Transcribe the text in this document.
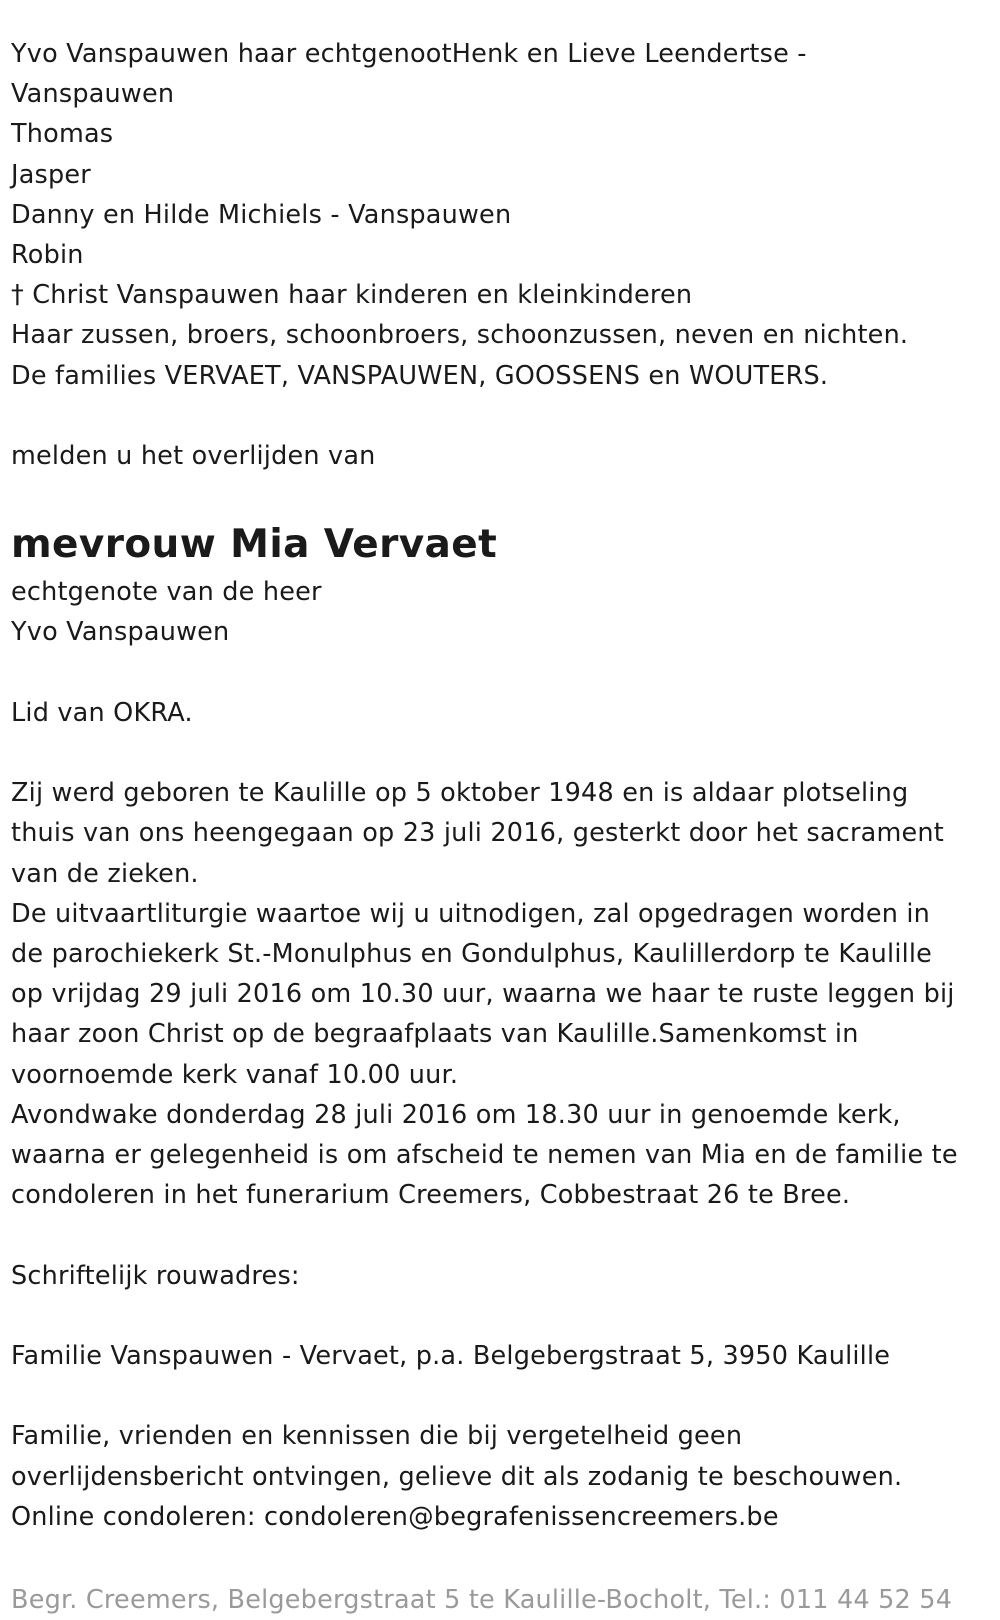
Yvo Vanspauwen haar echtgenootHenk en Lieve Leendertse -
Vanspauwen
Thomas
Jasper
Danny en Hilde Michiels - Vanspauwen
Robin
† Christ Vanspauwen haar kinderen en kleinkinderen
Haar zussen, broers, schoonbroers, schoonzussen, neven en nichten.
De families VERVAET, VANSPAUWEN, GOOSSENS en WOUTERS.
melden u het overlijden van
mevrouw Mia Vervaet
echtgenote van de heer
Yvo Vanspauwen
Lid van OKRA.
Zij werd geboren te Kaulille op 5 oktober 1948 en is aldaar plotseling
thuis van ons heengegaan op 23 juli 2016, gesterkt door het sacrament
van de zieken.
De uitvaartliturgie waartoe wij u uitnodigen, zal opgedragen worden in
de parochiekerk St.-Monulphus en Gondulphus, Kaulillerdorp te Kaulille
op vrijdag 29 juli 2016 om 10.30 uur, waarna we haar te ruste leggen bij
haar zoon Christ op de begraafplaats van Kaulille.Samenkomst in
voornoemde kerk vanaf 10.00 uur.
Avondwake donderdag 28 juli 2016 om 18.30 uur in genoemde kerk,
waarna er gelegenheid is om afscheid te nemen van Mia en de familie te
condoleren in het funerarium Creemers, Cobbestraat 26 te Bree.
Schriftelijk rouwadres:
Familie Vanspauwen - Vervaet, p.a. Belgebergstraat 5, 3950 Kaulille
Familie, vrienden en kennissen die bij vergetelheid geen
overlijdensbericht ontvingen, gelieve dit als zodanig te beschouwen.
Online condoleren: condoleren@begrafenissencreemers.be
Begr. Creemers, Belgebergstraat 5 te Kaulille-Bocholt, Tel.: 011 44 52 54
